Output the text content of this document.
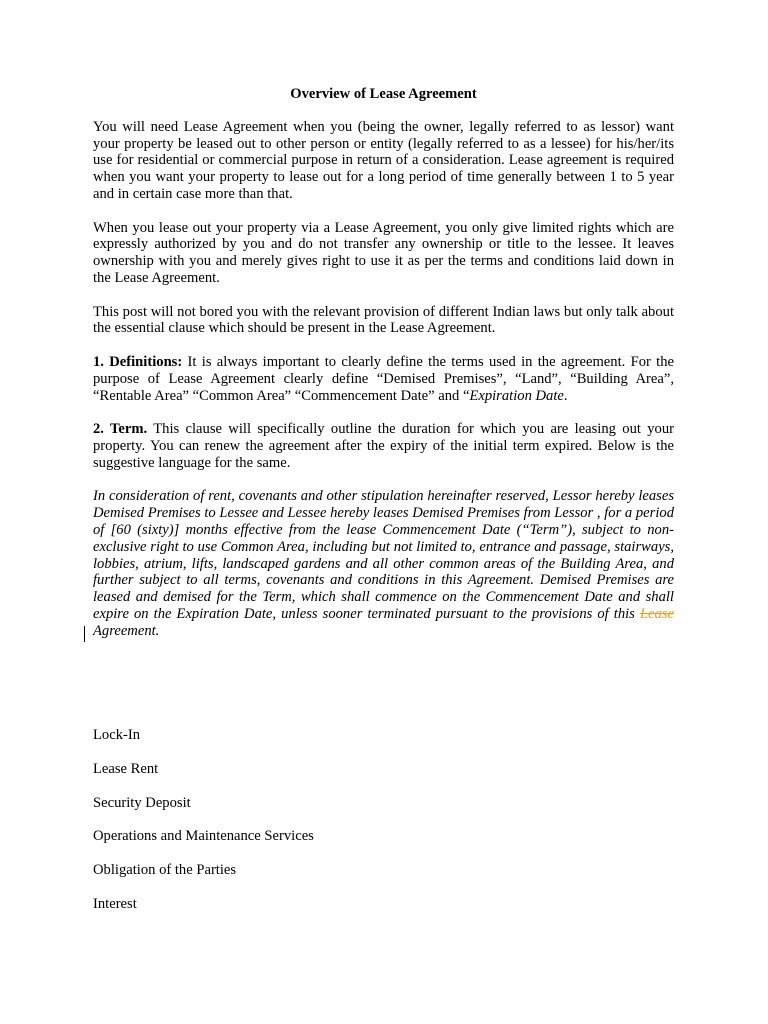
Overview of Lease Agreement

You will need Lease Agreement when you (being the owner, legally referred to as lessor) want your property be leased out to other person or entity (legally referred to as a lessee) for his/her/its use for residential or commercial purpose in return of a consideration. Lease agreement is required when you want your property to lease out for a long period of time generally between 1 to 5 year and in certain case more than that.

When you lease out your property via a Lease Agreement, you only give limited rights which are expressly authorized by you and do not transfer any ownership or title to the lessee. It leaves ownership with you and merely gives right to use it as per the terms and conditions laid down in the Lease Agreement.

This post will not bored you with the relevant provision of different Indian laws but only talk about the essential clause which should be present in the Lease Agreement.

1. Definitions: It is always important to clearly define the terms used in the agreement. For the purpose of Lease Agreement clearly define “Demised Premises”, “Land”, “Building Area”, “Rentable Area” “Common Area” “Commencement Date” and “Expiration Date.

2. Term. This clause will specifically outline the duration for which you are leasing out your property. You can renew the agreement after the expiry of the initial term expired. Below is the suggestive language for the same.

In consideration of rent, covenants and other stipulation hereinafter reserved, Lessor hereby leases Demised Premises to Lessee and Lessee hereby leases Demised Premises from Lessor , for a period of [60 (sixty)] months effective from the lease Commencement Date (“Term”), subject to non-exclusive right to use Common Area, including but not limited to, entrance and passage, stairways, lobbies, atrium, lifts, landscaped gardens and all other common areas of the Building Area, and further subject to all terms, covenants and conditions in this Agreement. Demised Premises are leased and demised for the Term, which shall commence on the Commencement Date and shall expire on the Expiration Date, unless sooner terminated pursuant to the provisions of this Lease Agreement.

Lock-In
Lease Rent
Security Deposit
Operations and Maintenance Services
Obligation of the Parties
Interest
